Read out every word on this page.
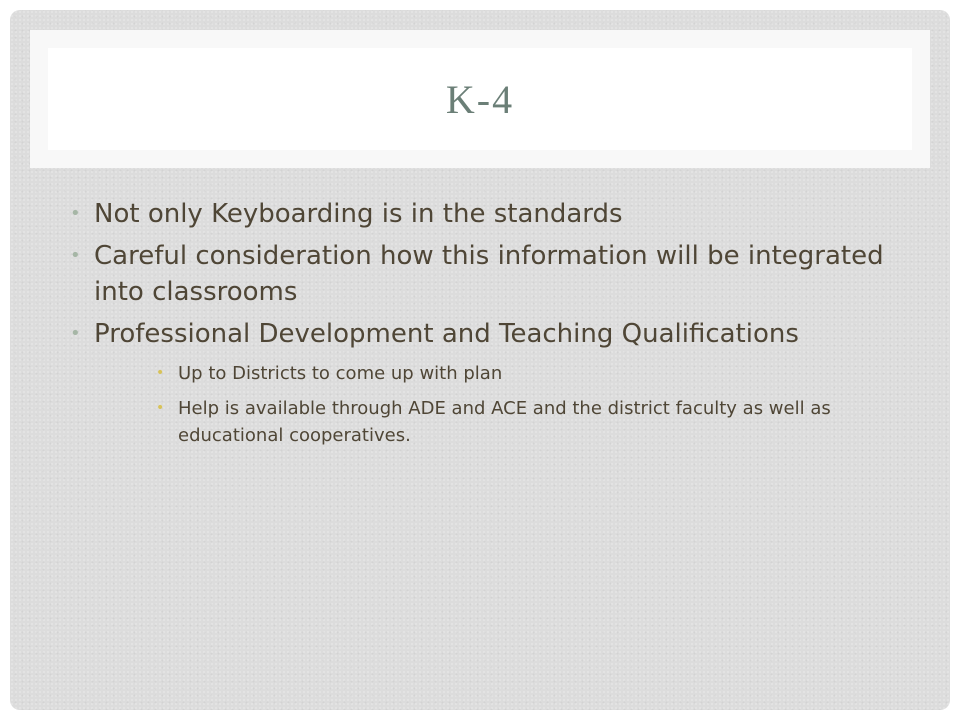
K-4
• Not only Keyboarding is in the standards
• Careful consideration how this information will be integrated into classrooms
• Professional Development and Teaching Qualifications
• Up to Districts to come up with plan
• Help is available through ADE and ACE and the district faculty as well as educational cooperatives.
